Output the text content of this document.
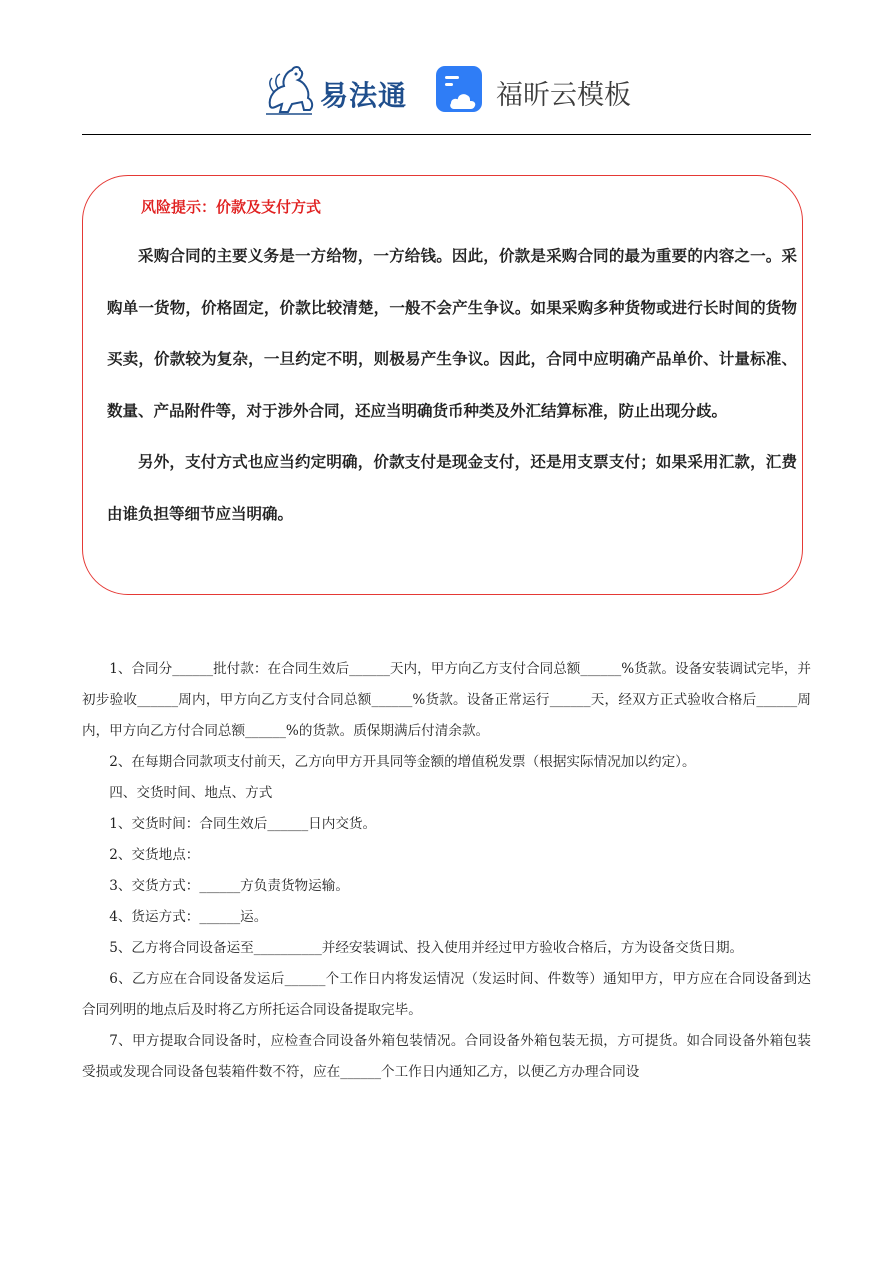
易法通	福昕云模板
风险提示：价款及支付方式

采购合同的主要义务是一方给物，一方给钱。因此，价款是采购合同的最为重要的内容之一。采购单一货物，价格固定，价款比较清楚，一般不会产生争议。如果采购多种货物或进行长时间的货物买卖，价款较为复杂，一旦约定不明，则极易产生争议。因此，合同中应明确产品单价、计量标准、数量、产品附件等，对于涉外合同，还应当明确货币种类及外汇结算标准，防止出现分歧。

另外，支付方式也应当约定明确，价款支付是现金支付，还是用支票支付；如果采用汇款，汇费由谁负担等细节应当明确。

1、合同分______批付款：在合同生效后______天内，甲方向乙方支付合同总额______%货款。设备安装调试完毕，并初步验收______周内，甲方向乙方支付合同总额______%货款。设备正常运行______天，经双方正式验收合格后______周内，甲方向乙方付合同总额______%的货款。质保期满后付清余款。

2、在每期合同款项支付前天，乙方向甲方开具同等金额的增值税发票（根据实际情况加以约定）。

四、交货时间、地点、方式

1、交货时间：合同生效后______日内交货。

2、交货地点：

3、交货方式：______方负责货物运输。

4、货运方式：______运。

5、乙方将合同设备运至__________并经安装调试、投入使用并经过甲方验收合格后，方为设备交货日期。

6、乙方应在合同设备发运后______个工作日内将发运情况（发运时间、件数等）通知甲方，甲方应在合同设备到达合同列明的地点后及时将乙方所托运合同设备提取完毕。

7、甲方提取合同设备时，应检查合同设备外箱包装情况。合同设备外箱包装无损，方可提货。如合同设备外箱包装受损或发现合同设备包装箱件数不符，应在______个工作日内通知乙方，以便乙方办理合同设
